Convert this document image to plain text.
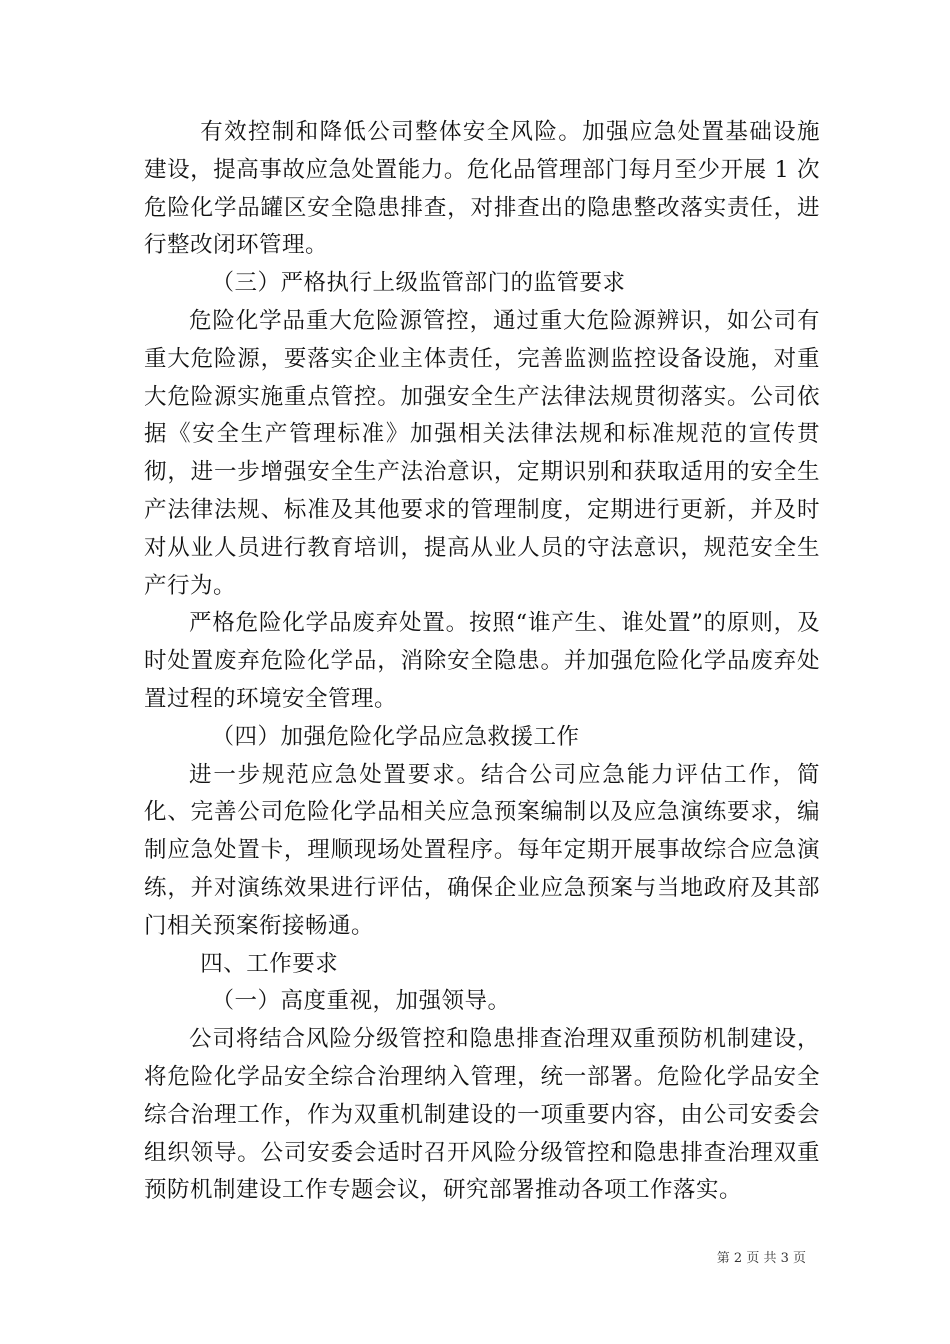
有效控制和降低公司整体安全风险。加强应急处置基础设施建设，提高事故应急处置能力。危化品管理部门每月至少开展 1 次危险化学品罐区安全隐患排查，对排查出的隐患整改落实责任，进行整改闭环管理。

（三）严格执行上级监管部门的监管要求

危险化学品重大危险源管控，通过重大危险源辨识，如公司有重大危险源，要落实企业主体责任，完善监测监控设备设施，对重大危险源实施重点管控。加强安全生产法律法规贯彻落实。公司依据《安全生产管理标准》加强相关法律法规和标准规范的宣传贯彻，进一步增强安全生产法治意识，定期识别和获取适用的安全生产法律法规、标准及其他要求的管理制度，定期进行更新，并及时对从业人员进行教育培训，提高从业人员的守法意识，规范安全生产行为。

严格危险化学品废弃处置。按照“谁产生、谁处置”的原则，及时处置废弃危险化学品，消除安全隐患。并加强危险化学品废弃处置过程的环境安全管理。

（四）加强危险化学品应急救援工作

进一步规范应急处置要求。结合公司应急能力评估工作，简化、完善公司危险化学品相关应急预案编制以及应急演练要求，编制应急处置卡，理顺现场处置程序。每年定期开展事故综合应急演练，并对演练效果进行评估，确保企业应急预案与当地政府及其部门相关预案衔接畅通。

四、工作要求

（一）高度重视，加强领导。

公司将结合风险分级管控和隐患排查治理双重预防机制建设，将危险化学品安全综合治理纳入管理，统一部署。危险化学品安全综合治理工作，作为双重机制建设的一项重要内容，由公司安委会组织领导。公司安委会适时召开风险分级管控和隐患排查治理双重预防机制建设工作专题会议，研究部署推动各项工作落实。

第 2 页 共 3 页
